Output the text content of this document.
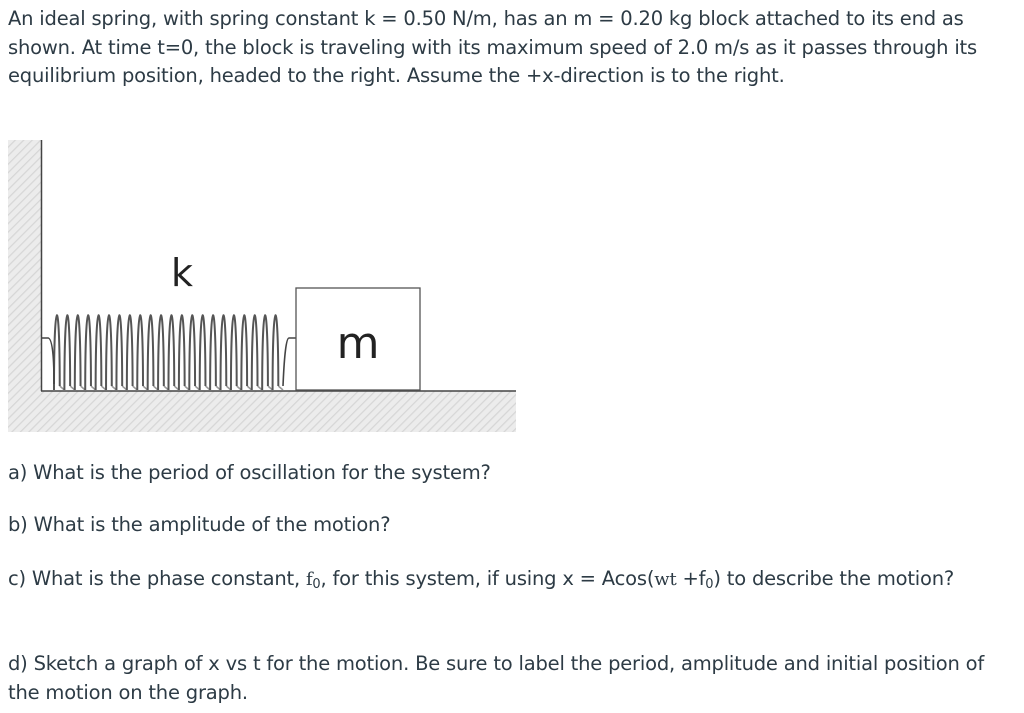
An ideal spring, with spring constant k = 0.50 N/m, has an m = 0.20 kg block attached to its end as shown. At time t=0, the block is traveling with its maximum speed of 2.0 m/s as it passes through its equilibrium position, headed to the right. Assume the +x-direction is to the right.
k
m
a) What is the period of oscillation for the system?
b) What is the amplitude of the motion?
c) What is the phase constant, $f_0$, for this system, if using $x = Acos(wt +f_0)$ to describe the motion?
d) Sketch a graph of x vs t for the motion. Be sure to label the period, amplitude and initial position of the motion on the graph.
